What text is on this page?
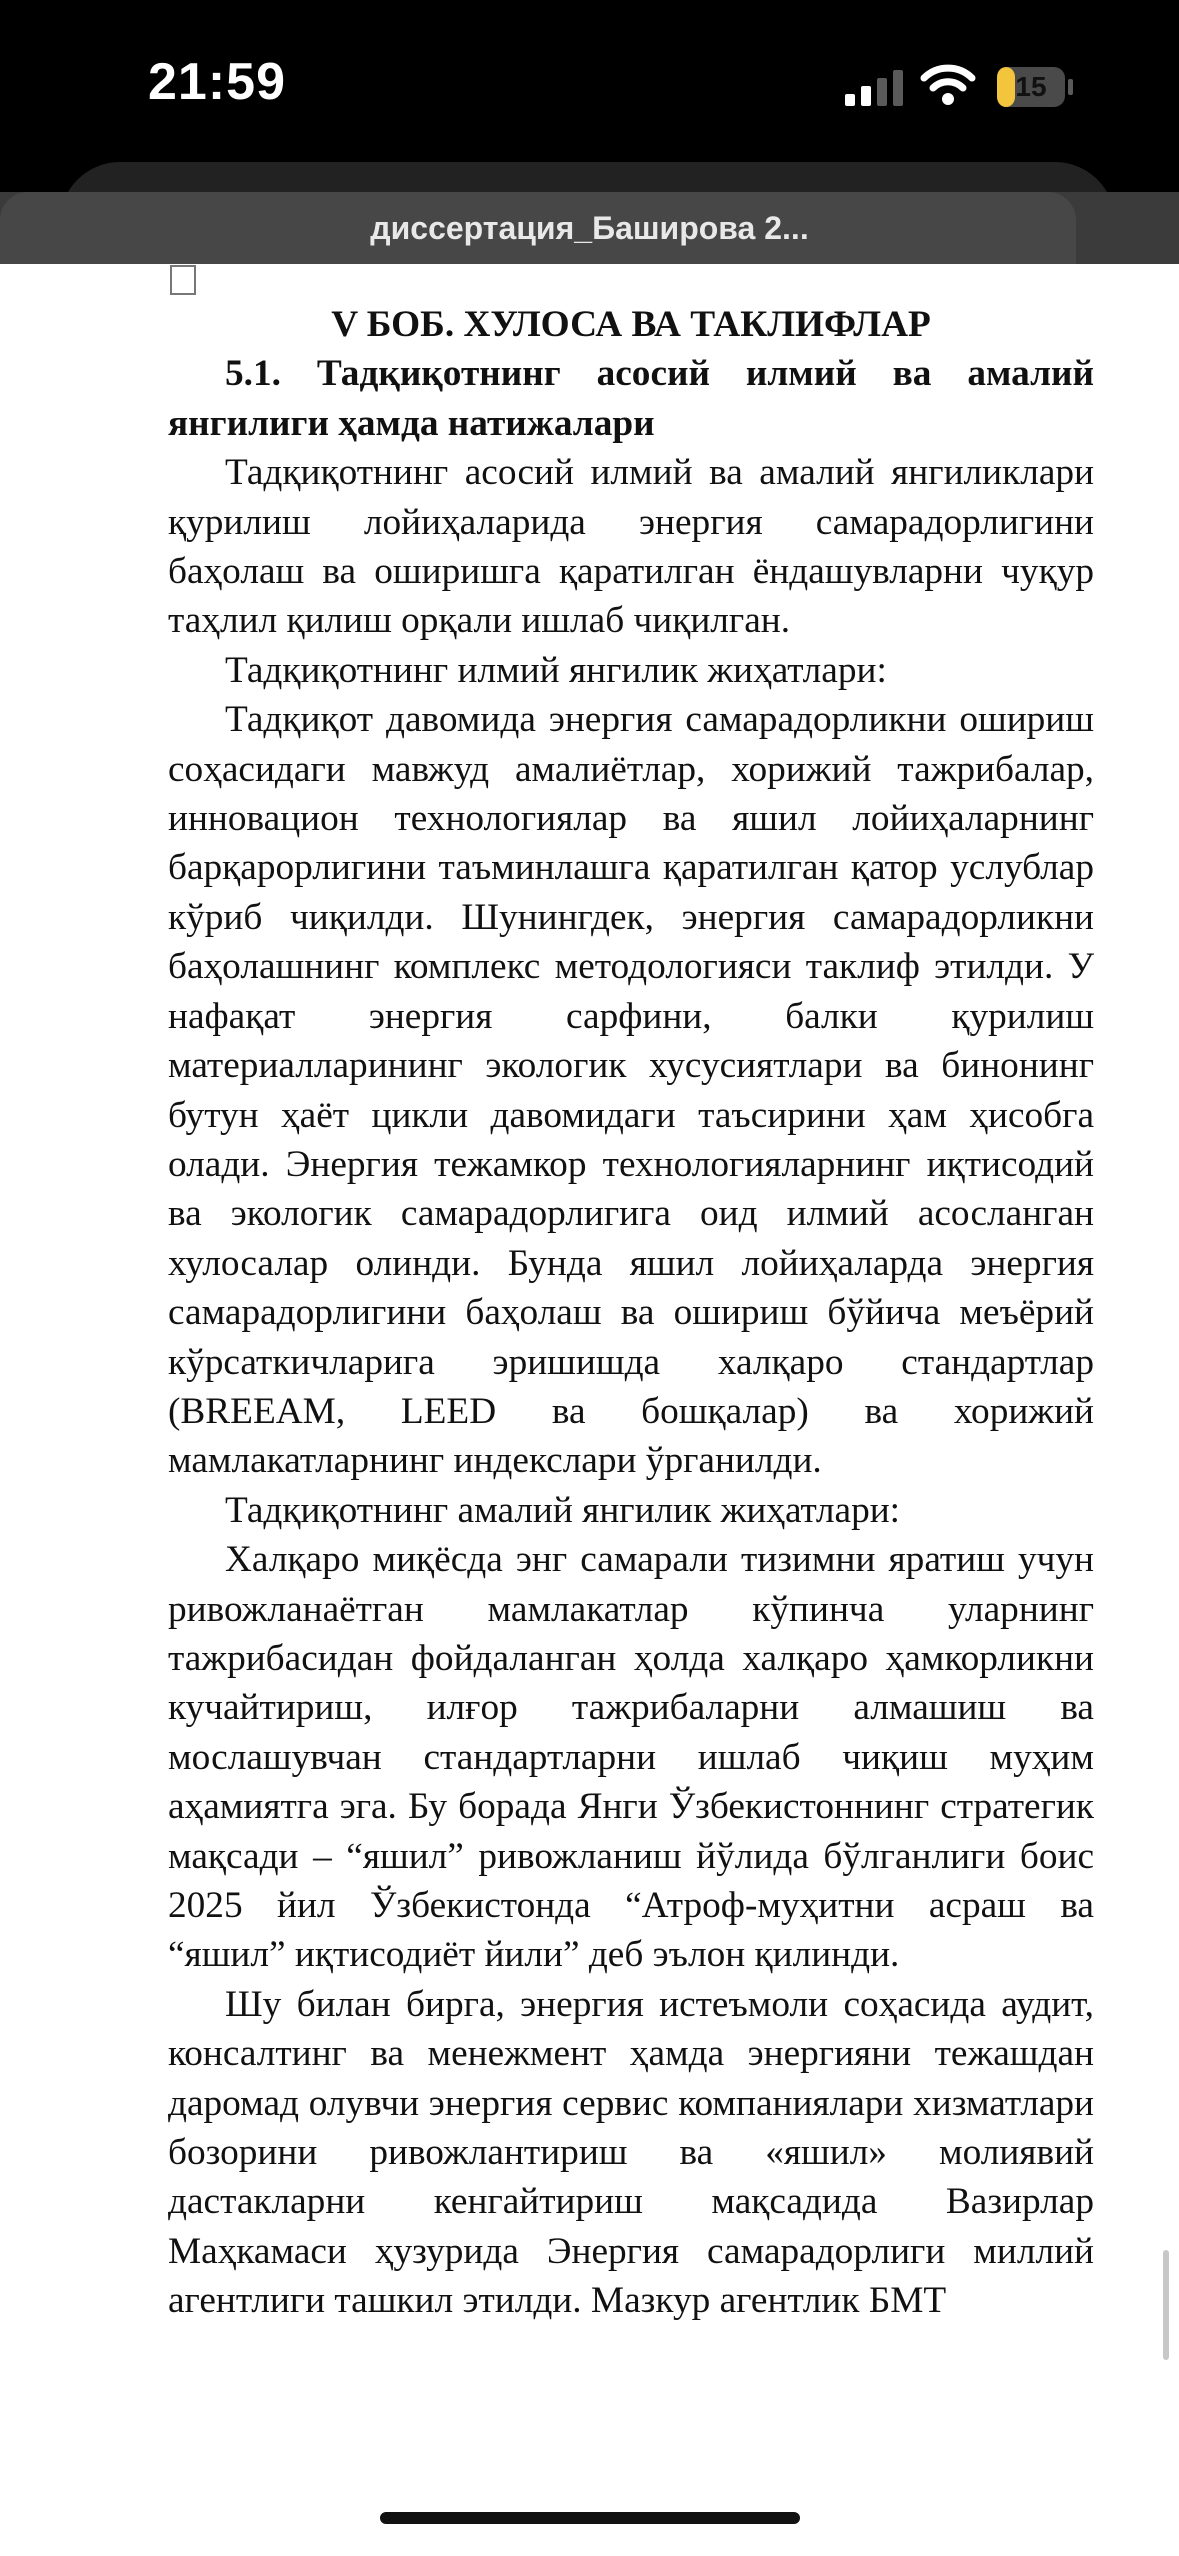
21:59	15
диссертация_Баширова 2...

V БОБ. ХУЛОСА ВА ТАКЛИФЛАР

5.1. Тадқиқотнинг асосий илмий ва амалий янгилиги ҳамда натижалари

Тадқиқотнинг асосий илмий ва амалий янгиликлари қурилиш лойиҳаларида энергия самарадорлигини баҳолаш ва оширишга қаратилган ёндашувларни чуқур таҳлил қилиш орқали ишлаб чиқилган.

Тадқиқотнинг илмий янгилик жиҳатлари:

Тадқиқот давомида энергия самарадорликни ошириш соҳасидаги мавжуд амалиётлар, хорижий тажрибалар, инновацион технологиялар ва яшил лойиҳаларнинг барқарорлигини таъминлашга қаратилган қатор услублар кўриб чиқилди. Шунингдек, энергия самарадорликни баҳолашнинг комплекс методологияси таклиф этилди. У нафақат энергия сарфини, балки қурилиш материалларининг экологик хусусиятлари ва бинонинг бутун ҳаёт цикли давомидаги таъсирини ҳам ҳисобга олади. Энергия тежамкор технологияларнинг иқтисодий ва экологик самарадорлигига оид илмий асосланган хулосалар олинди. Бунда яшил лойиҳаларда энергия самарадорлигини баҳолаш ва ошириш бўйича меъёрий кўрсаткичларига эришишда халқаро стандартлар (BREEAM, LEED ва бошқалар) ва хорижий мамлакатларнинг индекслари ўрганилди.

Тадқиқотнинг амалий янгилик жиҳатлари:

Халқаро миқёсда энг самарали тизимни яратиш учун ривожланаётган мамлакатлар кўпинча уларнинг тажрибасидан фойдаланган ҳолда халқаро ҳамкорликни кучайтириш, илғор тажрибаларни алмашиш ва мослашувчан стандартларни ишлаб чиқиш муҳим аҳамиятга эга. Бу борада Янги Ўзбекистоннинг стратегик мақсади – “яшил” ривожланиш йўлида бўлганлиги боис 2025 йил Ўзбекистонда “Атроф-муҳитни асраш ва “яшил” иқтисодиёт йили” деб эълон қилинди.

Шу билан бирга, энергия истеъмоли соҳасида аудит, консалтинг ва менежмент ҳамда энергияни тежашдан даромад олувчи энергия сервис компаниялари хизматлари бозорини ривожлантириш ва «яшил» молиявий дастакларни кенгайтириш мақсадида Вазирлар Маҳкамаси ҳузурида Энергия самарадорлиги миллий агентлиги ташкил этилди. Мазкур агентлик БМТ
